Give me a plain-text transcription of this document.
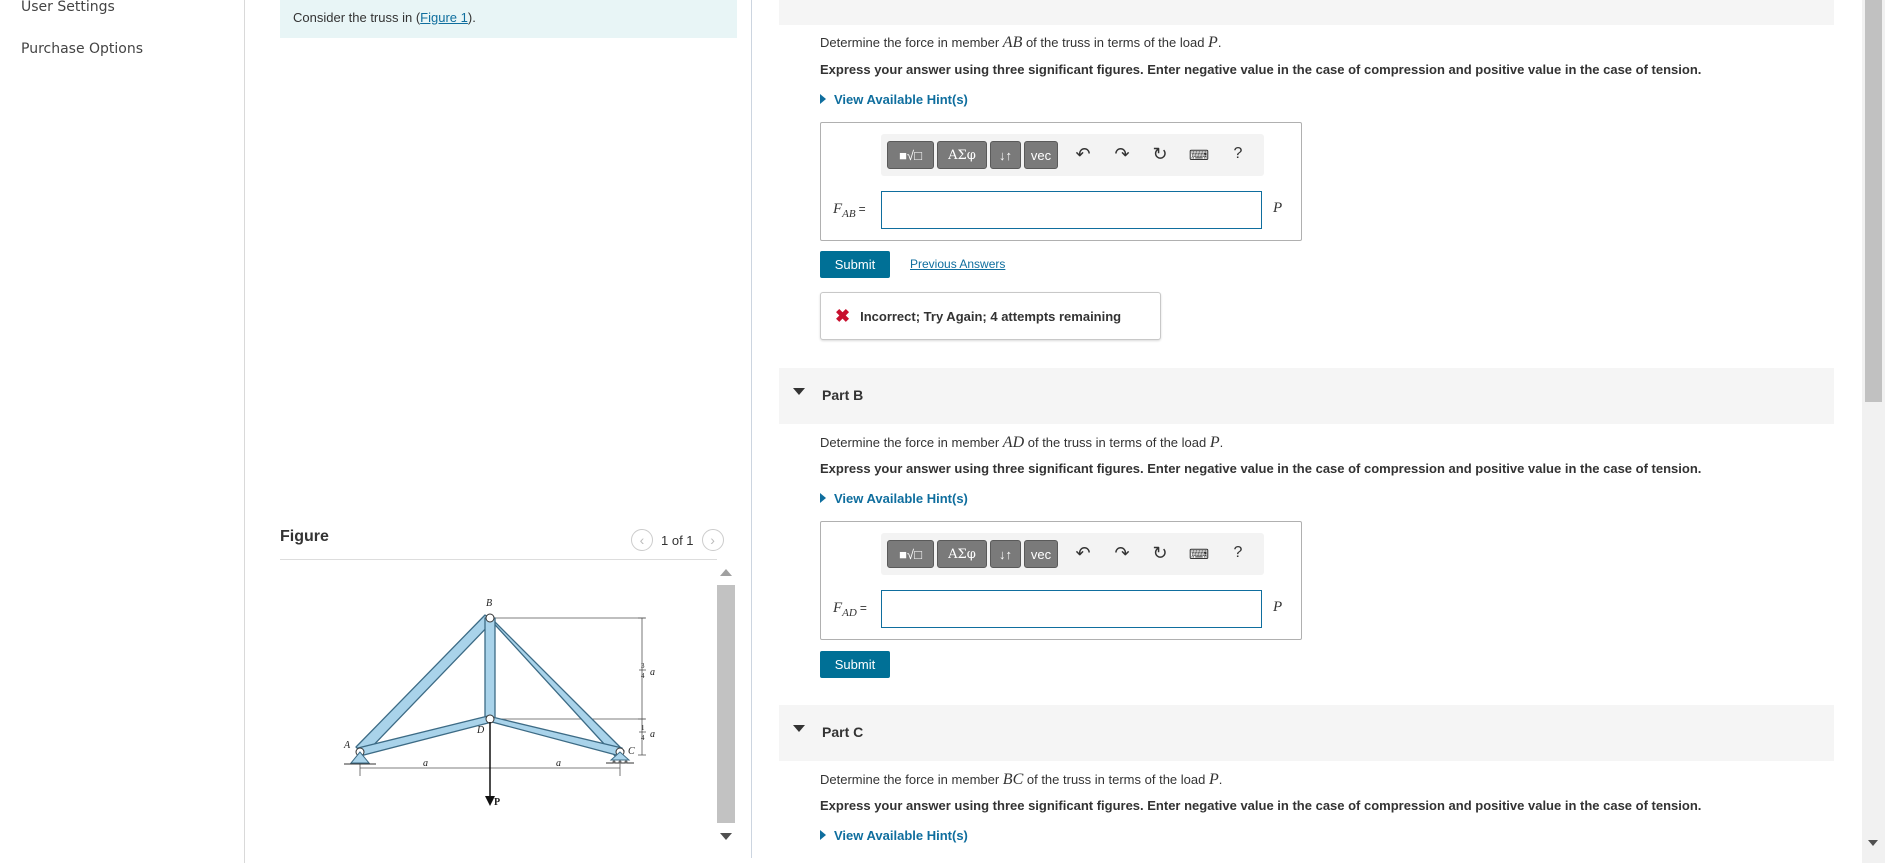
User Settings
Purchase Options
Consider the truss in (Figure 1).
Figure	‹ 1 of 1 ›
B
D
A
C
a	a
a
a
3
4
1
4
P
Determine the force in member AB of the truss in terms of the load P.
Express your answer using three significant figures. Enter negative value in the case of compression and positive value in the case of tension.
View Available Hint(s)
■√□	ΑΣφ	↓↑	vec	↶ ↷ ↻	⌨	?
$F_{AB}$ =	P
Submit	Previous Answers
✖ Incorrect; Try Again; 4 attempts remaining
Part B
Determine the force in member AD of the truss in terms of the load P.
Express your answer using three significant figures. Enter negative value in the case of compression and positive value in the case of tension.
View Available Hint(s)
■√□	ΑΣφ	↓↑	vec	↶ ↷ ↻	⌨	?
$F_{AD}$ =	P
Submit
Part C
Determine the force in member BC of the truss in terms of the load P.
Express your answer using three significant figures. Enter negative value in the case of compression and positive value in the case of tension.
View Available Hint(s)
